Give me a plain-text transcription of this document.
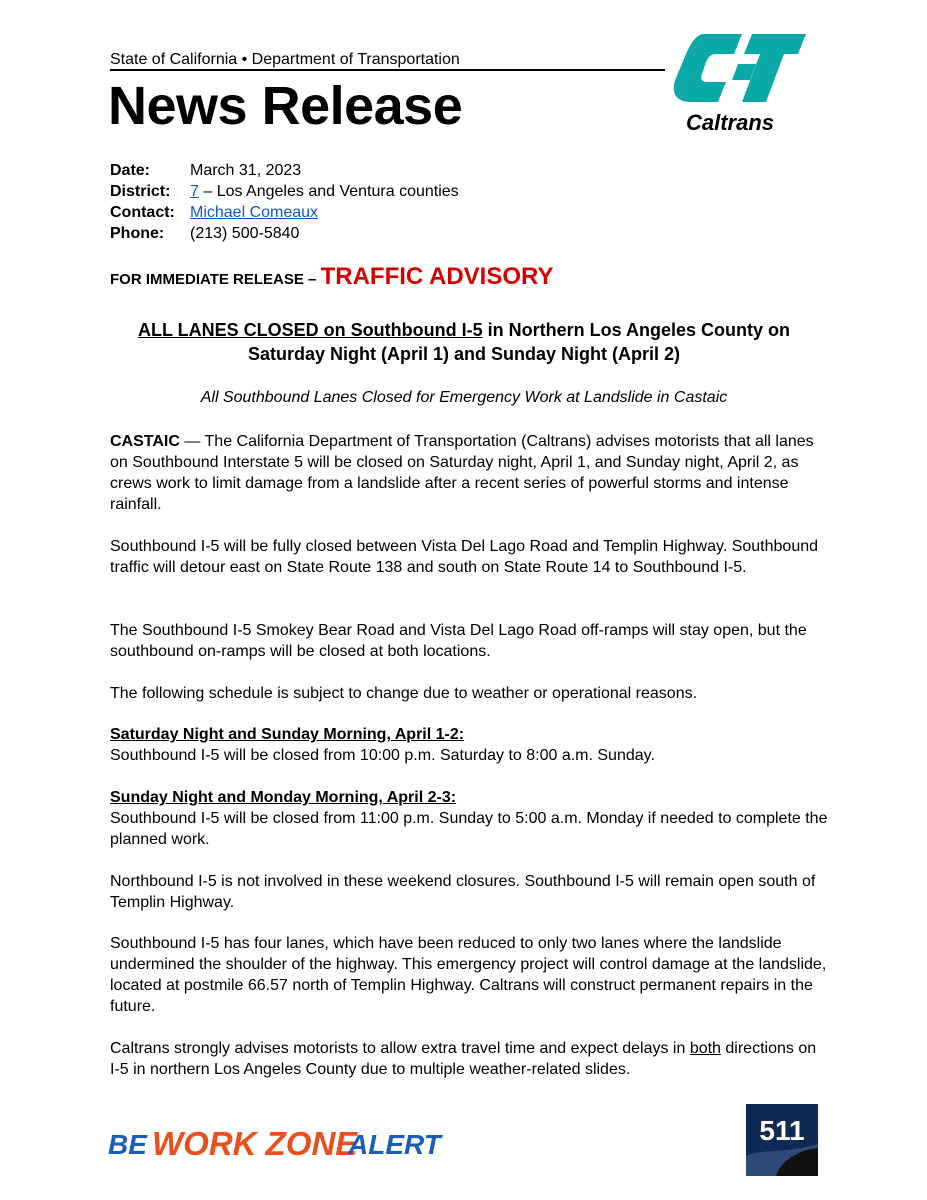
State of California • Department of Transportation
News Release	Caltrans
Date: March 31, 2023
District: 7 – Los Angeles and Ventura counties
Contact: Michael Comeaux
Phone: (213) 500-5840
FOR IMMEDIATE RELEASE – TRAFFIC ADVISORY
ALL LANES CLOSED on Southbound I-5 in Northern Los Angeles County on Saturday Night (April 1) and Sunday Night (April 2)
All Southbound Lanes Closed for Emergency Work at Landslide in Castaic
CASTAIC — The California Department of Transportation (Caltrans) advises motorists that all lanes on Southbound Interstate 5 will be closed on Saturday night, April 1, and Sunday night, April 2, as crews work to limit damage from a landslide after a recent series of powerful storms and intense rainfall.
Southbound I-5 will be fully closed between Vista Del Lago Road and Templin Highway. Southbound traffic will detour east on State Route 138 and south on State Route 14 to Southbound I-5.
The Southbound I-5 Smokey Bear Road and Vista Del Lago Road off-ramps will stay open, but the southbound on-ramps will be closed at both locations.
The following schedule is subject to change due to weather or operational reasons.
Saturday Night and Sunday Morning, April 1-2:
Southbound I-5 will be closed from 10:00 p.m. Saturday to 8:00 a.m. Sunday.
Sunday Night and Monday Morning, April 2-3:
Southbound I-5 will be closed from 11:00 p.m. Sunday to 5:00 a.m. Monday if needed to complete the planned work.
Northbound I-5 is not involved in these weekend closures. Southbound I-5 will remain open south of Templin Highway.
Southbound I-5 has four lanes, which have been reduced to only two lanes where the landslide undermined the shoulder of the highway. This emergency project will control damage at the landslide, located at postmile 66.57 north of Templin Highway. Caltrans will construct permanent repairs in the future.
Caltrans strongly advises motorists to allow extra travel time and expect delays in both directions on I-5 in northern Los Angeles County due to multiple weather-related slides.
BE WORK ZONE
ALERT	511
